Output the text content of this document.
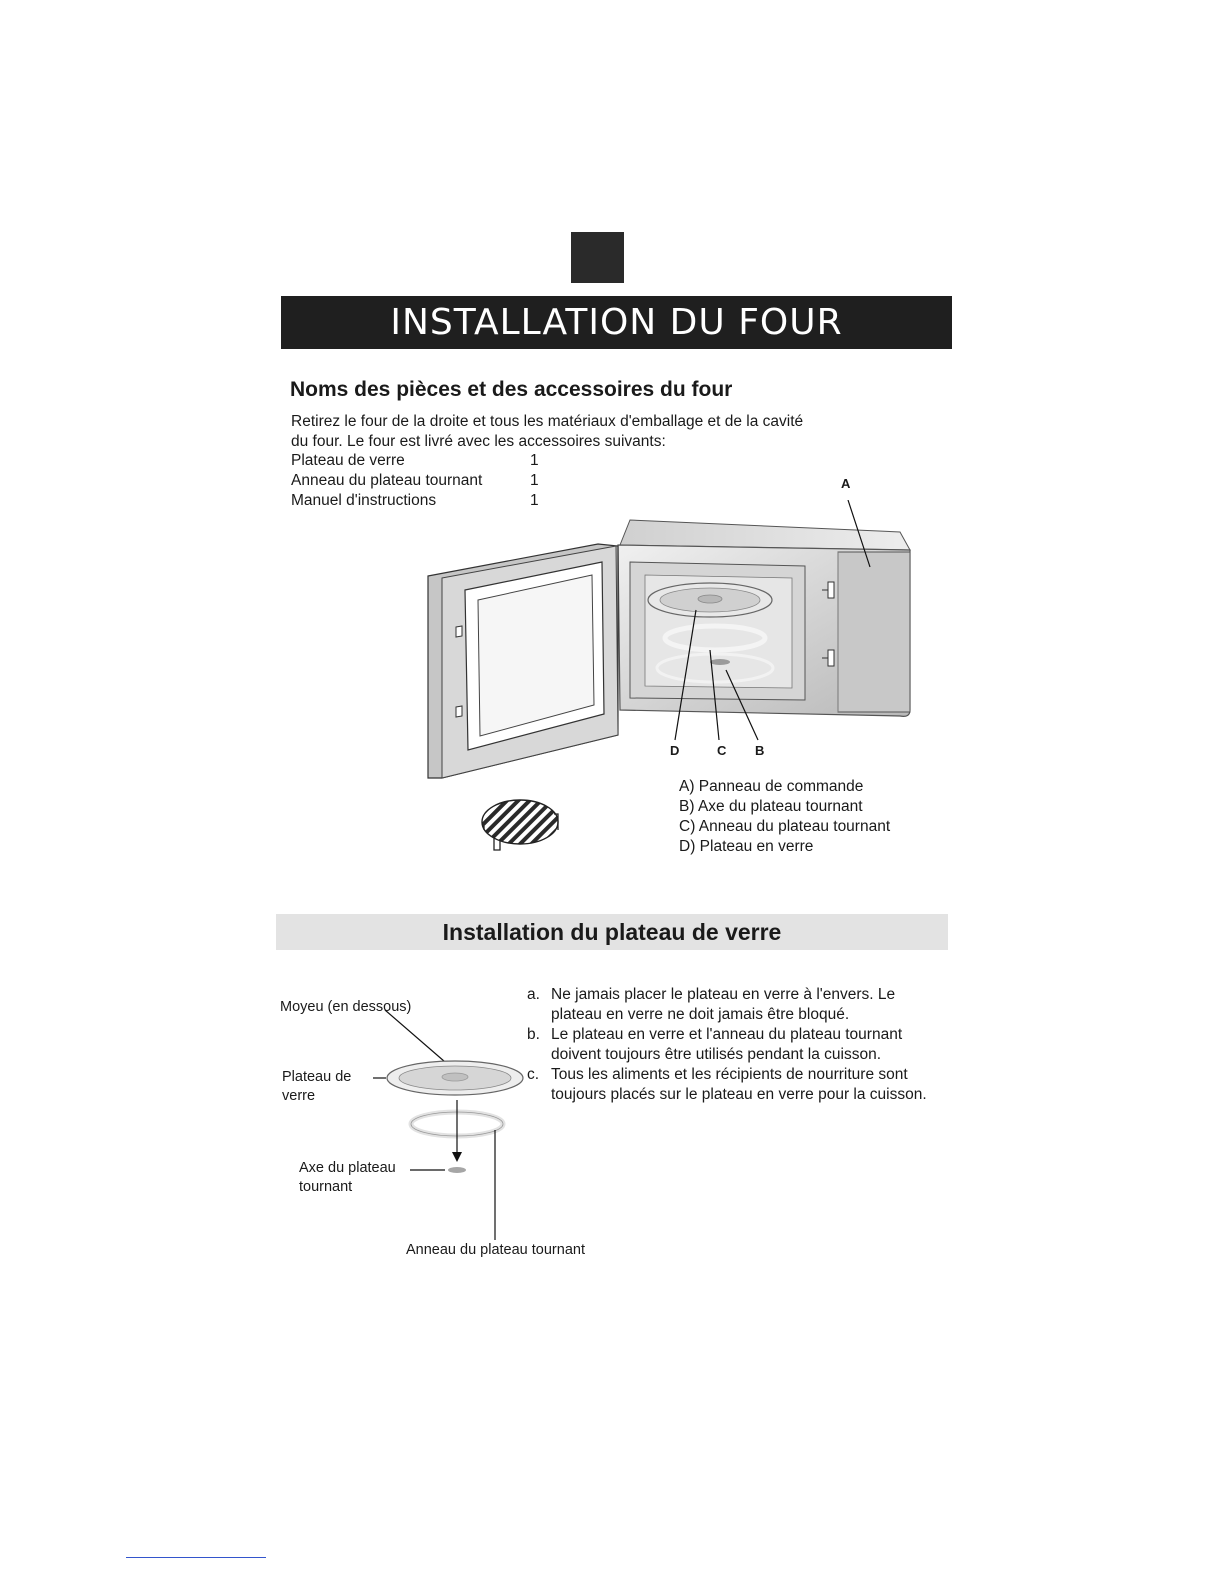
INSTALLATION DU FOUR
Noms des pièces et des accessoires du four
Retirez le four de la droite et tous les matériaux d'emballage et de la cavité
du four. Le four est livré avec les accessoires suivants:
Plateau de verre	1
Anneau du plateau tournant	1
Manuel d'instructions	1
A
D	C B
A) Panneau de commande
B) Axe du plateau tournant
C) Anneau du plateau tournant
D) Plateau en verre
Installation du plateau de verre
Moyeu (en dessous)
Plateau de
verre
Axe du plateau
tournant
Anneau du plateau tournant
a. Ne jamais placer le plateau en verre à l'envers. Le plateau en verre ne doit jamais être bloqué.
b. Le plateau en verre et l'anneau du plateau tournant doivent toujours être utilisés pendant la cuisson.
c. Tous les aliments et les récipients de nourriture sont toujours placés sur le plateau en verre pour la cuisson.
